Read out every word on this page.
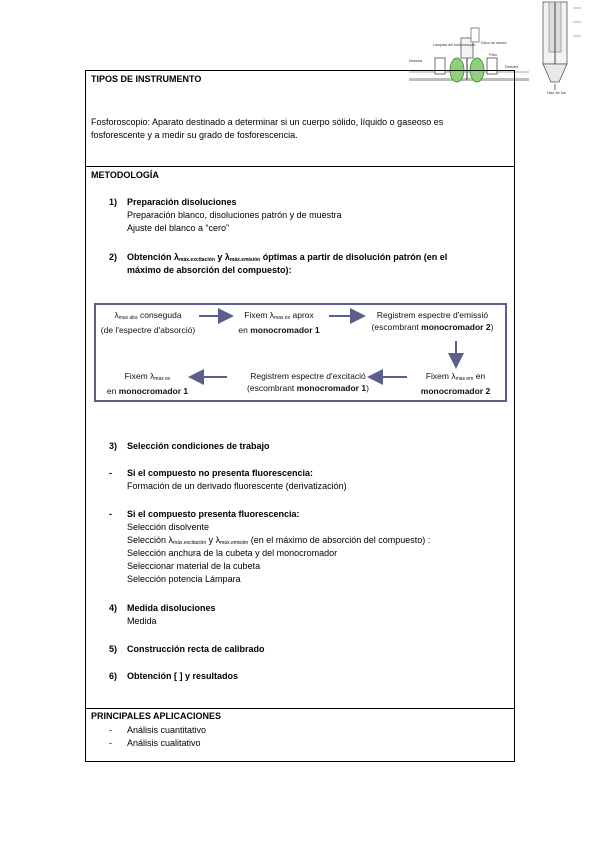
Haz de luz
Lámpara del fosforoscopio Disco de ranura
Muestra
Filtro
Detector
TIPOS DE INSTRUMENTO
Fosforoscopio: Aparato destinado a determinar si un cuerpo sólido, líquido o gaseoso es
fosforescente y a medir su grado de fosforescencia.
METODOLOGÍA
1) Preparación disoluciones
Preparación blanco, disoluciones patrón y de muestra
Ajuste del blanco a “cero”
2) Obtención $\lambda_{máx.excitación}$ y $\lambda_{máx.emisión}$ óptimas a partir de disolución patrón (en el
máximo de absorción del compuesto):
λmax abs conseguda
(de l'espectre d'absorció)
Fixem λmax ex aprox
en monocromador 1
Registrem espectre d'emissió
(escombrant monocromador 2)
Fixem λmax em en
monocromador 2
Registrem espectre d'excitació
(escombrant monocromador 1)
Fixem λmax ex
en monocromador 1
3) Selección condiciones de trabajo
- Si el compuesto no presenta fluorescencia:
Formación de un derivado fluorescente (derivatización)
- Si el compuesto presenta fluorescencia:
Selección disolvente
Selección $\lambda_{máx.excitación}$ y $\lambda_{máx.emisión}$ (en el máximo de absorción del compuesto) :
Selección anchura de la cubeta y del monocromador
Seleccionar material de la cubeta
Selección potencia Lámpara
4) Medida disoluciones
Medida
5) Construcción recta de calibrado
6) Obtención [ ] y resultados
PRINCIPALES APLICACIONES
- Análisis cuantitativo
- Análisis cualitativo
